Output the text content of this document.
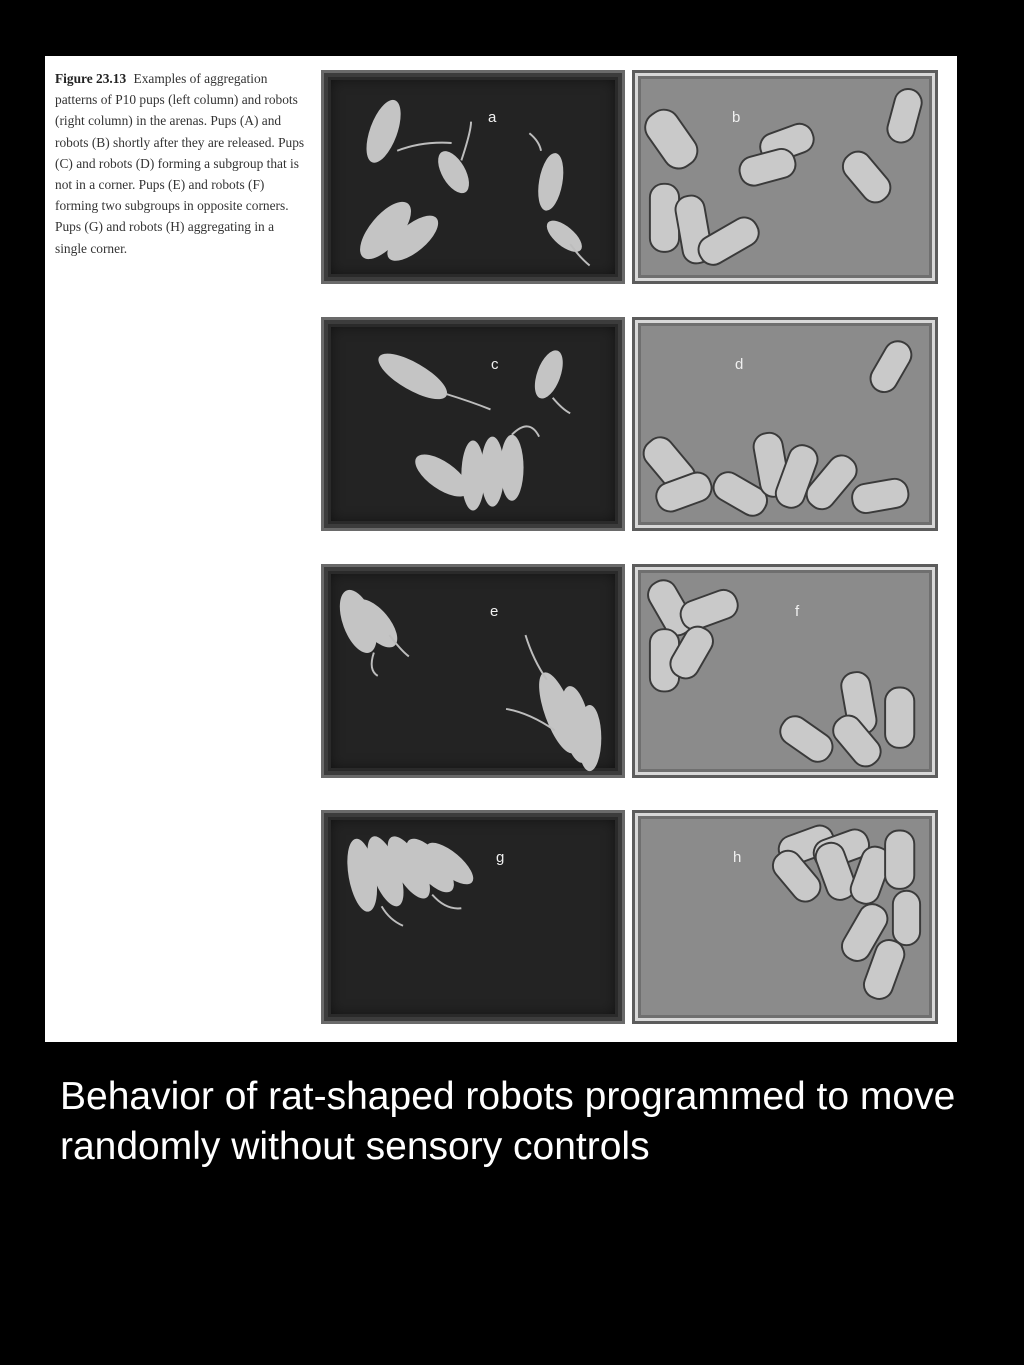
Figure 23.13 Examples of aggregation patterns of P10 pups (left column) and robots (right column) in the arenas. Pups (A) and robots (B) shortly after they are released. Pups (C) and robots (D) forming a subgroup that is not in a corner. Pups (E) and robots (F) forming two subgroups in opposite corners. Pups (G) and robots (H) aggregating in a single corner.
a	b
c	d
e	f
g	h
Behavior of rat-shaped robots programmed to move randomly without sensory controls
